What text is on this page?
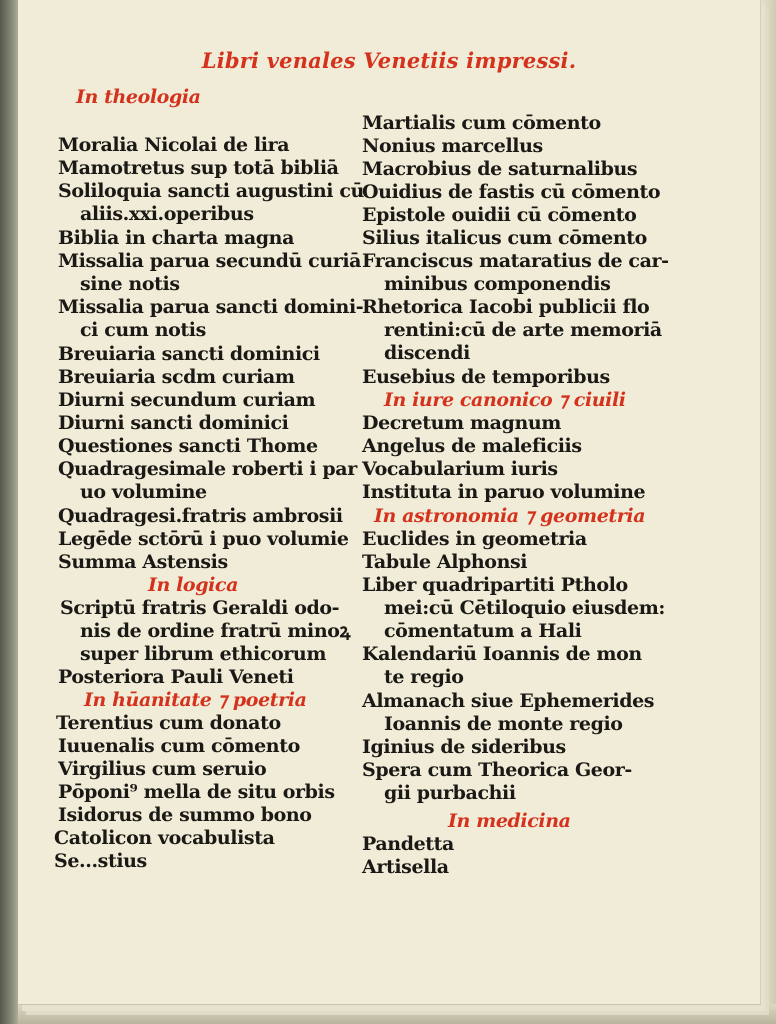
Libri venales Venetiis impressi.
In theologia
Moralia Nicolai de lira
Mamotretus sup totā bibliā
Soliloquia sancti augustini cū
aliis.xxi.operibus
Biblia in charta magna
Missalia parua secundū curiā
sine notis
Missalia parua sancti domini-
ci cum notis
Breuiaria sancti dominici
Breuiaria scdm curiam
Diurni secundum curiam
Diurni sancti dominici
Questiones sancti Thome
Quadragesimale roberti i par
uo volumine
Quadragesi.fratris ambrosii
Legēde sctōrū i puo volumie
Summa Astensis
In logica
Scriptū fratris Geraldi odo-
nis de ordine fratrū minoꝝ
super librum ethicorum
Posteriora Pauli Veneti
In hūanitate ⁊ poetria
Terentius cum donato
Iuuenalis cum cōmento
Virgilius cum seruio
Pōponi⁹ mella de situ orbis
Isidorus de summo bono
Catolicon vocabulista
Se...stius
Martialis cum cōmento
Nonius marcellus
Macrobius de saturnalibus
Ouidius de fastis cū cōmento
Epistole ouidii cū cōmento
Silius italicus cum cōmento
Franciscus mataratius de car-
minibus componendis
Rhetorica Iacobi publicii flo
rentini:cū de arte memoriā
discendi
Eusebius de temporibus
In iure canonico ⁊ ciuili
Decretum magnum
Angelus de maleficiis
Vocabularium iuris
Instituta in paruo volumine
In astronomia ⁊ geometria
Euclides in geometria
Tabule Alphonsi
Liber quadripartiti Ptholo
mei:cū Cētiloquio eiusdem:
cōmentatum a Hali
Kalendariū Ioannis de mon
te regio
Almanach siue Ephemerides
Ioannis de monte regio
Iginius de sideribus
Spera cum Theorica Geor-
gii purbachii
In medicina
Pandetta
Artisella
